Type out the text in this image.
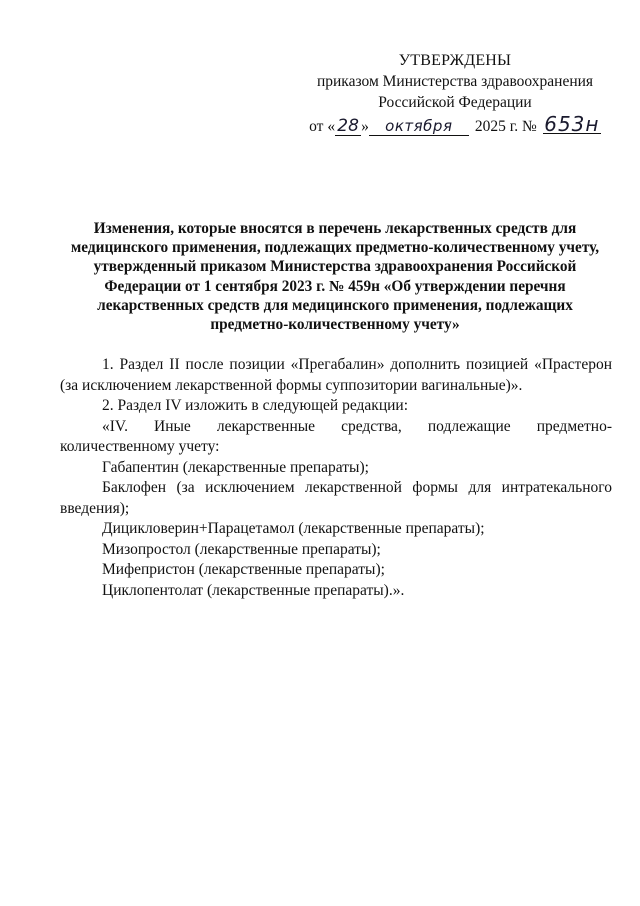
УТВЕРЖДЕНЫ
приказом Министерства здравоохранения
Российской Федерации
от « 28 »	октября	2025 г. № 653н
Изменения, которые вносятся в перечень лекарственных средств для медицинского применения, подлежащих предметно-количественному учету, утвержденный приказом Министерства здравоохранения Российской Федерации от 1 сентября 2023 г. № 459н «Об утверждении перечня лекарственных средств для медицинского применения, подлежащих предметно-количественному учету»

1. Раздел II после позиции «Прегабалин» дополнить позицией «Прастерон (за исключением лекарственной формы суппозитории вагинальные)».

2. Раздел IV изложить в следующей редакции:

«IV. Иные лекарственные средства, подлежащие предметно-количественному учету:

Габапентин (лекарственные препараты);

Баклофен (за исключением лекарственной формы для интратекального введения);

Дицикловерин+Парацетамол (лекарственные препараты);

Мизопростол (лекарственные препараты);

Мифепристон (лекарственные препараты);

Циклопентолат (лекарственные препараты).».
